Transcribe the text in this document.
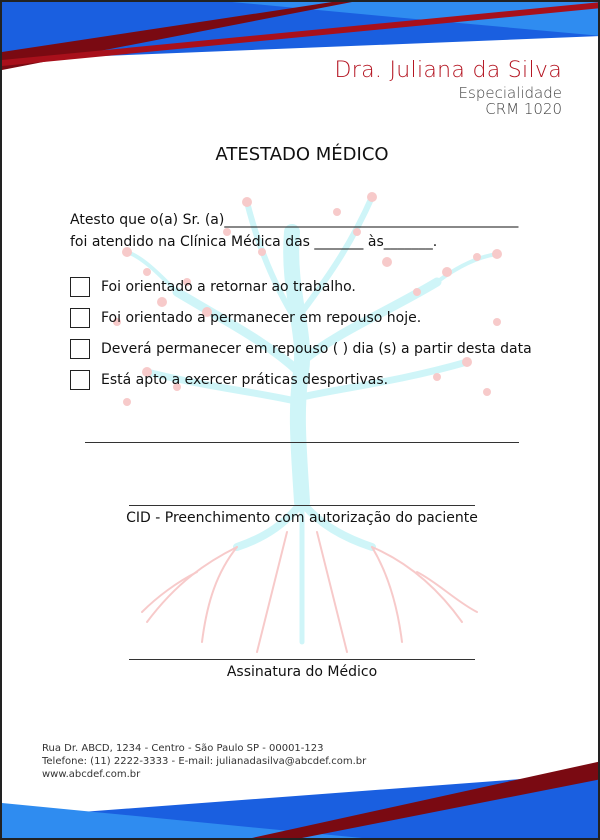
Dra. Juliana da Silva
Especialidade
CRM 1020
ATESTADO MÉDICO
Atesto que o(a) Sr. (a)__________________________________________
foi atendido na Clínica Médica das _______ às_______.
Foi orientado a retornar ao trabalho.
Foi orientado a permanecer em repouso hoje.
Deverá permanecer em repouso ( ) dia (s) a partir desta data
Está apto a exercer práticas desportivas.
CID - Preenchimento com autorização do paciente
Assinatura do Médico
Rua Dr. ABCD, 1234 - Centro - São Paulo SP - 00001-123
Telefone: (11) 2222-3333 - E-mail: julianadasilva@abcdef.com.br
www.abcdef.com.br
